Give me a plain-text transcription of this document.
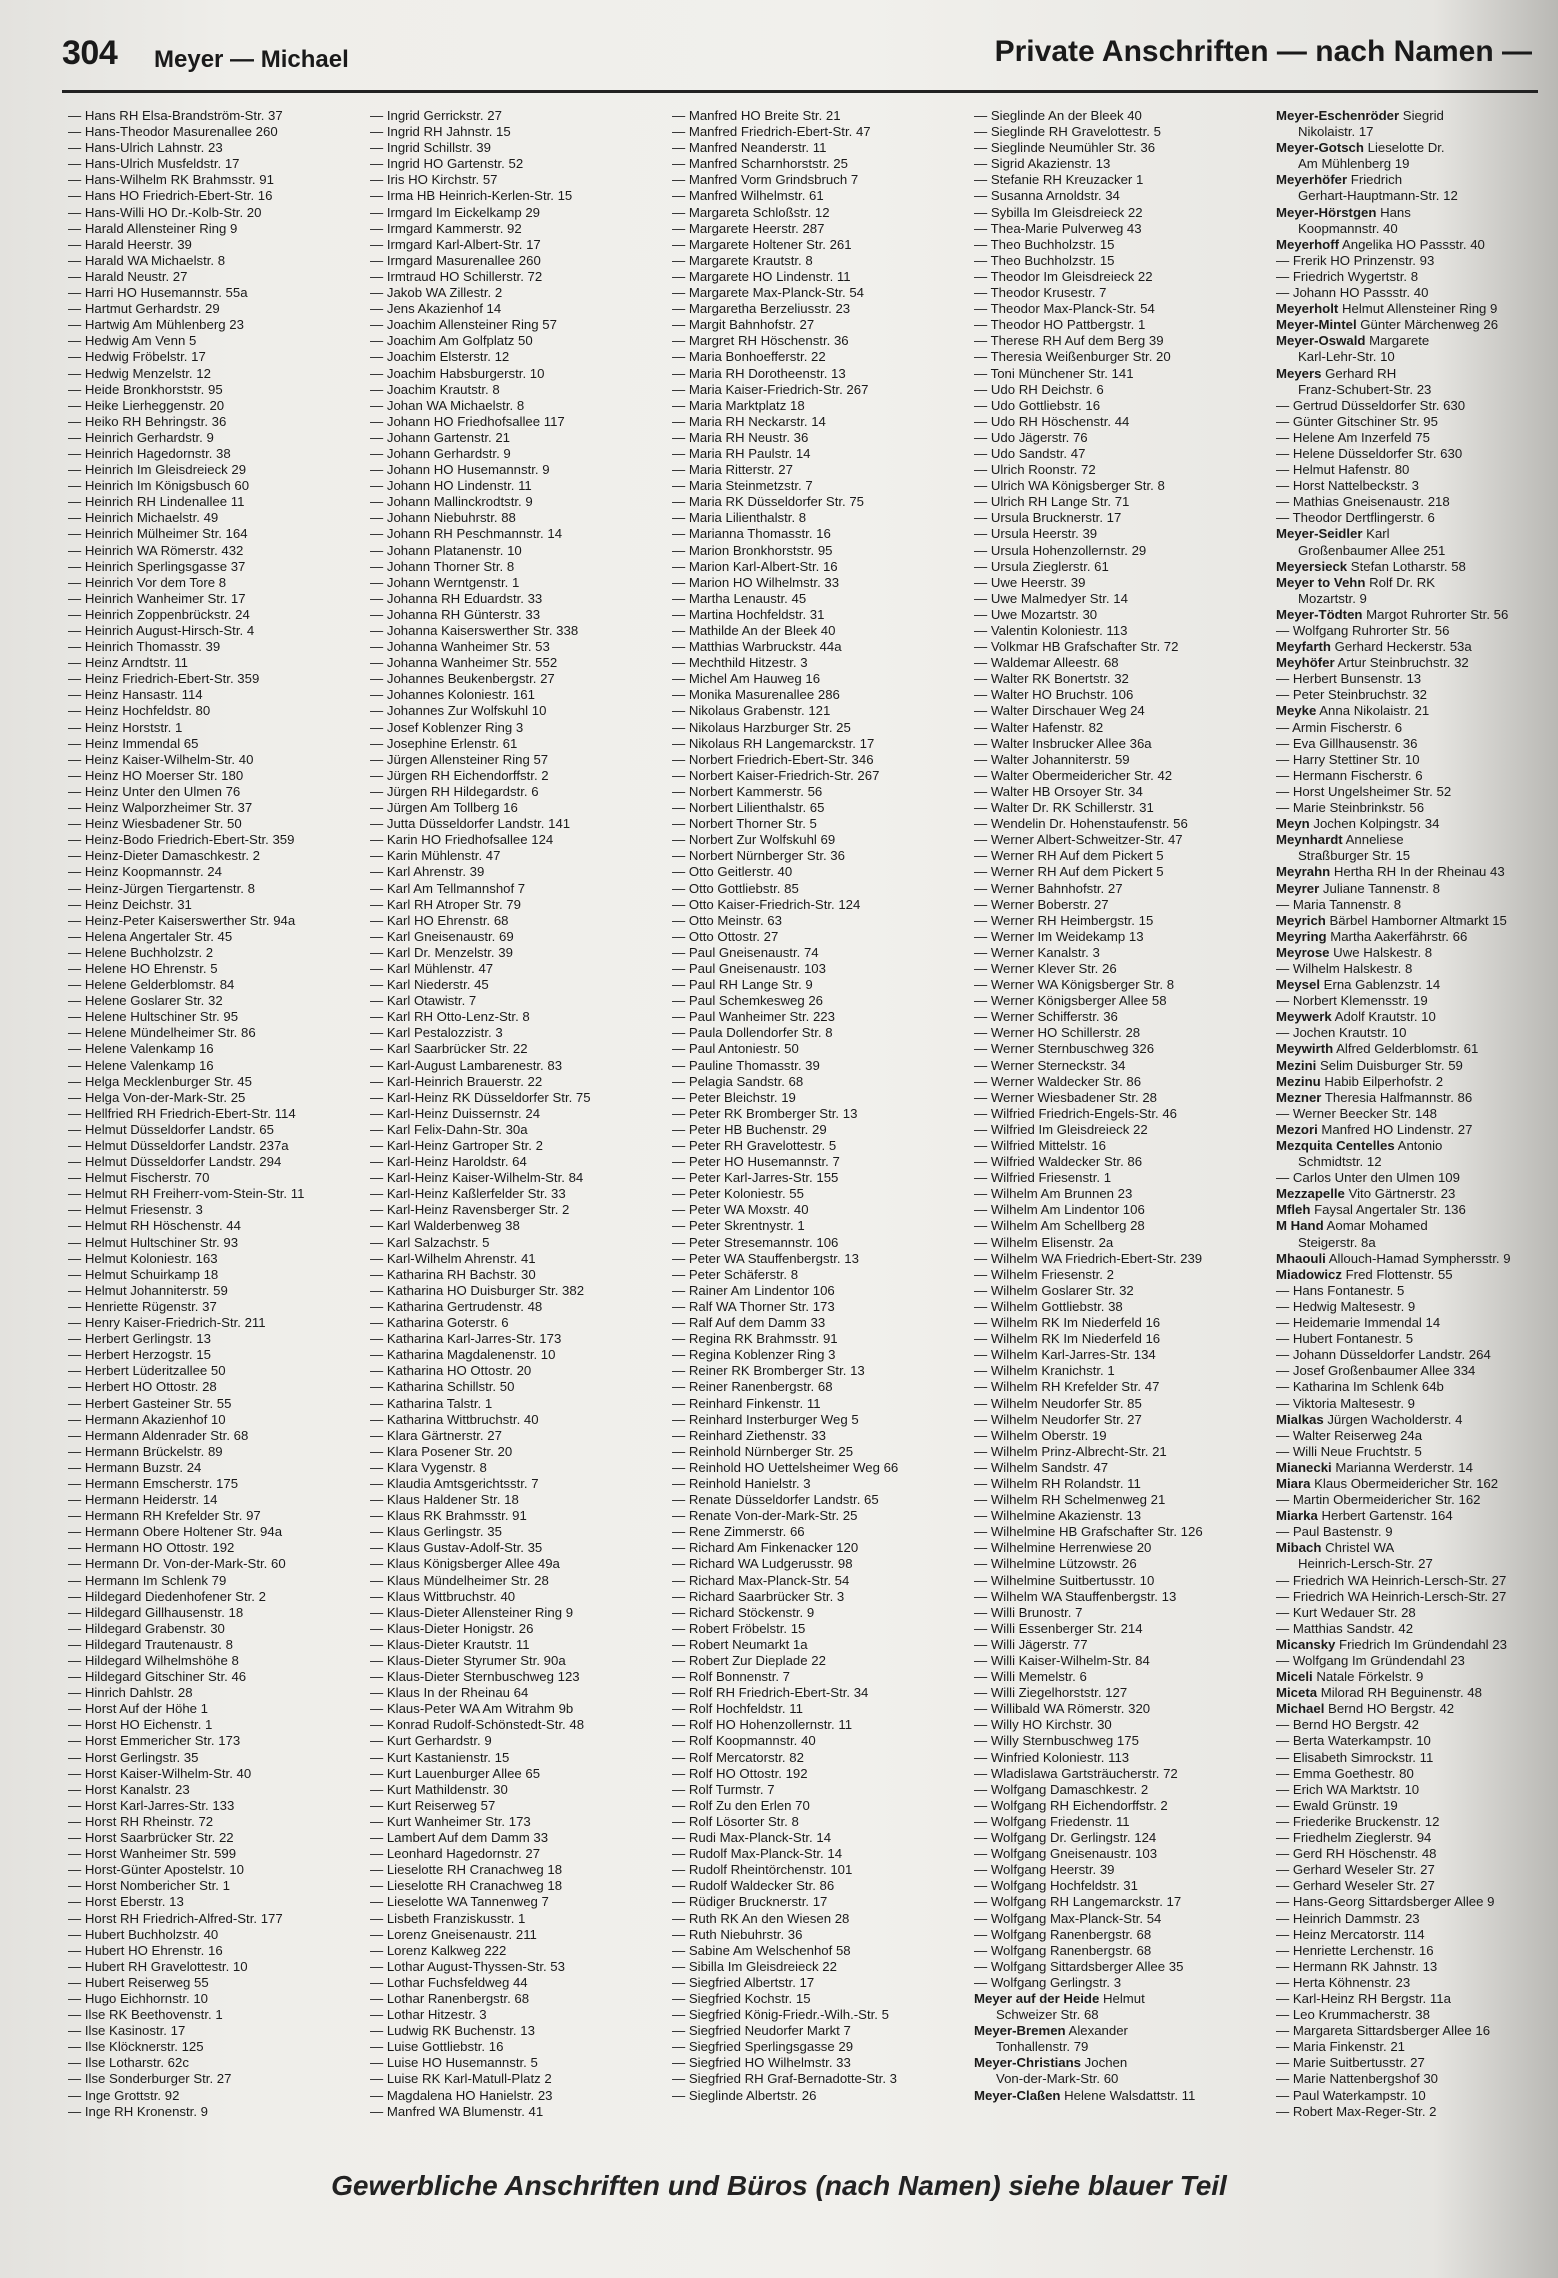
304 Meyer — Michael	Private Anschriften — nach Namen —
— Hans RH Elsa-Brandström-Str. 37
— Hans-Theodor Masurenallee 260
— Hans-Ulrich Lahnstr. 23
— Hans-Ulrich Musfeldstr. 17
— Hans-Wilhelm RK Brahmsstr. 91
— Hans HO Friedrich-Ebert-Str. 16
— Hans-Willi HO Dr.-Kolb-Str. 20
— Harald Allensteiner Ring 9
— Harald Heerstr. 39
— Harald WA Michaelstr. 8
— Harald Neustr. 27
— Harri HO Husemannstr. 55a
— Hartmut Gerhardstr. 29
— Hartwig Am Mühlenberg 23
— Hedwig Am Venn 5
— Hedwig Fröbelstr. 17
— Hedwig Menzelstr. 12
— Heide Bronkhorststr. 95
— Heike Lierheggenstr. 20
— Heiko RH Behringstr. 36
— Heinrich Gerhardstr. 9
— Heinrich Hagedornstr. 38
— Heinrich Im Gleisdreieck 29
— Heinrich Im Königsbusch 60
— Heinrich RH Lindenallee 11
— Heinrich Michaelstr. 49
— Heinrich Mülheimer Str. 164
— Heinrich WA Römerstr. 432
— Heinrich Sperlingsgasse 37
— Heinrich Vor dem Tore 8
— Heinrich Wanheimer Str. 17
— Heinrich Zoppenbrückstr. 24
— Heinrich August-Hirsch-Str. 4
— Heinrich Thomasstr. 39
— Heinz Arndtstr. 11
— Heinz Friedrich-Ebert-Str. 359
— Heinz Hansastr. 114
— Heinz Hochfeldstr. 80
— Heinz Horststr. 1
— Heinz Immendal 65
— Heinz Kaiser-Wilhelm-Str. 40
— Heinz HO Moerser Str. 180
— Heinz Unter den Ulmen 76
— Heinz Walporzheimer Str. 37
— Heinz Wiesbadener Str. 50
— Heinz-Bodo Friedrich-Ebert-Str. 359
— Heinz-Dieter Damaschkestr. 2
— Heinz Koopmannstr. 24
— Heinz-Jürgen Tiergartenstr. 8
— Heinz Deichstr. 31
— Heinz-Peter Kaiserswerther Str. 94a
— Helena Angertaler Str. 45
— Helene Buchholzstr. 2
— Helene HO Ehrenstr. 5
— Helene Gelderblomstr. 84
— Helene Goslarer Str. 32
— Helene Hultschiner Str. 95
— Helene Mündelheimer Str. 86
— Helene Valenkamp 16
— Helene Valenkamp 16
— Helga Mecklenburger Str. 45
— Helga Von-der-Mark-Str. 25
— Hellfried RH Friedrich-Ebert-Str. 114
— Helmut Düsseldorfer Landstr. 65
— Helmut Düsseldorfer Landstr. 237a
— Helmut Düsseldorfer Landstr. 294
— Helmut Fischerstr. 70
— Helmut RH Freiherr-vom-Stein-Str. 11
— Helmut Friesenstr. 3
— Helmut RH Höschenstr. 44
— Helmut Hultschiner Str. 93
— Helmut Koloniestr. 163
— Helmut Schuirkamp 18
— Helmut Johanniterstr. 59
— Henriette Rügenstr. 37
— Henry Kaiser-Friedrich-Str. 211
— Herbert Gerlingstr. 13
— Herbert Herzogstr. 15
— Herbert Lüderitzallee 50
— Herbert HO Ottostr. 28
— Herbert Gasteiner Str. 55
— Hermann Akazienhof 10
— Hermann Aldenrader Str. 68
— Hermann Brückelstr. 89
— Hermann Buzstr. 24
— Hermann Emscherstr. 175
— Hermann Heiderstr. 14
— Hermann RH Krefelder Str. 97
— Hermann Obere Holtener Str. 94a
— Hermann HO Ottostr. 192
— Hermann Dr. Von-der-Mark-Str. 60
— Hermann Im Schlenk 79
— Hildegard Diedenhofener Str. 2
— Hildegard Gillhausenstr. 18
— Hildegard Grabenstr. 30
— Hildegard Trautenaustr. 8
— Hildegard Wilhelmshöhe 8
— Hildegard Gitschiner Str. 46
— Hinrich Dahlstr. 28
— Horst Auf der Höhe 1
— Horst HO Eichenstr. 1
— Horst Emmericher Str. 173
— Horst Gerlingstr. 35
— Horst Kaiser-Wilhelm-Str. 40
— Horst Kanalstr. 23
— Horst Karl-Jarres-Str. 133
— Horst RH Rheinstr. 72
— Horst Saarbrücker Str. 22
— Horst Wanheimer Str. 599
— Horst-Günter Apostelstr. 10
— Horst Nombericher Str. 1
— Horst Eberstr. 13
— Horst RH Friedrich-Alfred-Str. 177
— Hubert Buchholzstr. 40
— Hubert HO Ehrenstr. 16
— Hubert RH Gravelottestr. 10
— Hubert Reiserweg 55
— Hugo Eichhornstr. 10
— Ilse RK Beethovenstr. 1
— Ilse Kasinostr. 17
— Ilse Klöcknerstr. 125
— Ilse Lotharstr. 62c
— Ilse Sonderburger Str. 27
— Inge Grottstr. 92
— Inge RH Kronenstr. 9
— Ingrid Gerrickstr. 27
— Ingrid RH Jahnstr. 15
— Ingrid Schillstr. 39
— Ingrid HO Gartenstr. 52
— Iris HO Kirchstr. 57
— Irma HB Heinrich-Kerlen-Str. 15
— Irmgard Im Eickelkamp 29
— Irmgard Kammerstr. 92
— Irmgard Karl-Albert-Str. 17
— Irmgard Masurenallee 260
— Irmtraud HO Schillerstr. 72
— Jakob WA Zillestr. 2
— Jens Akazienhof 14
— Joachim Allensteiner Ring 57
— Joachim Am Golfplatz 50
— Joachim Elsterstr. 12
— Joachim Habsburgerstr. 10
— Joachim Krautstr. 8
— Johan WA Michaelstr. 8
— Johann HO Friedhofsallee 117
— Johann Gartenstr. 21
— Johann Gerhardstr. 9
— Johann HO Husemannstr. 9
— Johann HO Lindenstr. 11
— Johann Mallinckrodtstr. 9
— Johann Niebuhrstr. 88
— Johann RH Peschmannstr. 14
— Johann Platanenstr. 10
— Johann Thorner Str. 8
— Johann Werntgenstr. 1
— Johanna RH Eduardstr. 33
— Johanna RH Günterstr. 33
— Johanna Kaiserswerther Str. 338
— Johanna Wanheimer Str. 53
— Johanna Wanheimer Str. 552
— Johannes Beukenbergstr. 27
— Johannes Koloniestr. 161
— Johannes Zur Wolfskuhl 10
— Josef Koblenzer Ring 3
— Josephine Erlenstr. 61
— Jürgen Allensteiner Ring 57
— Jürgen RH Eichendorffstr. 2
— Jürgen RH Hildegardstr. 6
— Jürgen Am Tollberg 16
— Jutta Düsseldorfer Landstr. 141
— Karin HO Friedhofsallee 124
— Karin Mühlenstr. 47
— Karl Ahrenstr. 39
— Karl Am Tellmannshof 7
— Karl RH Atroper Str. 79
— Karl HO Ehrenstr. 68
— Karl Gneisenaustr. 69
— Karl Dr. Menzelstr. 39
— Karl Mühlenstr. 47
— Karl Niederstr. 45
— Karl Otawistr. 7
— Karl RH Otto-Lenz-Str. 8
— Karl Pestalozzistr. 3
— Karl Saarbrücker Str. 22
— Karl-August Lambarenestr. 83
— Karl-Heinrich Brauerstr. 22
— Karl-Heinz RK Düsseldorfer Str. 75
— Karl-Heinz Duissernstr. 24
— Karl Felix-Dahn-Str. 30a
— Karl-Heinz Gartroper Str. 2
— Karl-Heinz Haroldstr. 64
— Karl-Heinz Kaiser-Wilhelm-Str. 84
— Karl-Heinz Kaßlerfelder Str. 33
— Karl-Heinz Ravensberger Str. 2
— Karl Walderbenweg 38
— Karl Salzachstr. 5
— Karl-Wilhelm Ahrenstr. 41
— Katharina RH Bachstr. 30
— Katharina HO Duisburger Str. 382
— Katharina Gertrudenstr. 48
— Katharina Goterstr. 6
— Katharina Karl-Jarres-Str. 173
— Katharina Magdalenenstr. 10
— Katharina HO Ottostr. 20
— Katharina Schillstr. 50
— Katharina Talstr. 1
— Katharina Wittbruchstr. 40
— Klara Gärtnerstr. 27
— Klara Posener Str. 20
— Klara Vygenstr. 8
— Klaudia Amtsgerichtsstr. 7
— Klaus Haldener Str. 18
— Klaus RK Brahmsstr. 91
— Klaus Gerlingstr. 35
— Klaus Gustav-Adolf-Str. 35
— Klaus Königsberger Allee 49a
— Klaus Mündelheimer Str. 28
— Klaus Wittbruchstr. 40
— Klaus-Dieter Allensteiner Ring 9
— Klaus-Dieter Honigstr. 26
— Klaus-Dieter Krautstr. 11
— Klaus-Dieter Styrumer Str. 90a
— Klaus-Dieter Sternbuschweg 123
— Klaus In der Rheinau 64
— Klaus-Peter WA Am Witrahm 9b
— Konrad Rudolf-Schönstedt-Str. 48
— Kurt Gerhardstr. 9
— Kurt Kastanienstr. 15
— Kurt Lauenburger Allee 65
— Kurt Mathildenstr. 30
— Kurt Reiserweg 57
— Kurt Wanheimer Str. 173
— Lambert Auf dem Damm 33
— Leonhard Hagedornstr. 27
— Lieselotte RH Cranachweg 18
— Lieselotte RH Cranachweg 18
— Lieselotte WA Tannenweg 7
— Lisbeth Franziskusstr. 1
— Lorenz Gneisenaustr. 211
— Lorenz Kalkweg 222
— Lothar August-Thyssen-Str. 53
— Lothar Fuchsfeldweg 44
— Lothar Ranenbergstr. 68
— Lothar Hitzestr. 3
— Ludwig RK Buchenstr. 13
— Luise Gottliebstr. 16
— Luise HO Husemannstr. 5
— Luise RK Karl-Matull-Platz 2
— Magdalena HO Hanielstr. 23
— Manfred WA Blumenstr. 41
— Manfred HO Breite Str. 21
— Manfred Friedrich-Ebert-Str. 47
— Manfred Neanderstr. 11
— Manfred Scharnhorststr. 25
— Manfred Vorm Grindsbruch 7
— Manfred Wilhelmstr. 61
— Margareta Schloßstr. 12
— Margarete Heerstr. 287
— Margarete Holtener Str. 261
— Margarete Krautstr. 8
— Margarete HO Lindenstr. 11
— Margarete Max-Planck-Str. 54
— Margaretha Berzeliusstr. 23
— Margit Bahnhofstr. 27
— Margret RH Höschenstr. 36
— Maria Bonhoefferstr. 22
— Maria RH Dorotheenstr. 13
— Maria Kaiser-Friedrich-Str. 267
— Maria Marktplatz 18
— Maria RH Neckarstr. 14
— Maria RH Neustr. 36
— Maria RH Paulstr. 14
— Maria Ritterstr. 27
— Maria Steinmetzstr. 7
— Maria RK Düsseldorfer Str. 75
— Maria Lilienthalstr. 8
— Marianna Thomasstr. 16
— Marion Bronkhorststr. 95
— Marion Karl-Albert-Str. 16
— Marion HO Wilhelmstr. 33
— Martha Lenaustr. 45
— Martina Hochfeldstr. 31
— Mathilde An der Bleek 40
— Matthias Warbruckstr. 44a
— Mechthild Hitzestr. 3
— Michel Am Hauweg 16
— Monika Masurenallee 286
— Nikolaus Grabenstr. 121
— Nikolaus Harzburger Str. 25
— Nikolaus RH Langemarckstr. 17
— Norbert Friedrich-Ebert-Str. 346
— Norbert Kaiser-Friedrich-Str. 267
— Norbert Kammerstr. 56
— Norbert Lilienthalstr. 65
— Norbert Thorner Str. 5
— Norbert Zur Wolfskuhl 69
— Norbert Nürnberger Str. 36
— Otto Geitlerstr. 40
— Otto Gottliebstr. 85
— Otto Kaiser-Friedrich-Str. 124
— Otto Meinstr. 63
— Otto Ottostr. 27
— Paul Gneisenaustr. 74
— Paul Gneisenaustr. 103
— Paul RH Lange Str. 9
— Paul Schemkesweg 26
— Paul Wanheimer Str. 223
— Paula Dollendorfer Str. 8
— Paul Antoniestr. 50
— Pauline Thomasstr. 39
— Pelagia Sandstr. 68
— Peter Bleichstr. 19
— Peter RK Bromberger Str. 13
— Peter HB Buchenstr. 29
— Peter RH Gravelottestr. 5
— Peter HO Husemannstr. 7
— Peter Karl-Jarres-Str. 155
— Peter Koloniestr. 55
— Peter WA Moxstr. 40
— Peter Skrentnystr. 1
— Peter Stresemannstr. 106
— Peter WA Stauffenbergstr. 13
— Peter Schäferstr. 8
— Rainer Am Lindentor 106
— Ralf WA Thorner Str. 173
— Ralf Auf dem Damm 33
— Regina RK Brahmsstr. 91
— Regina Koblenzer Ring 3
— Reiner RK Bromberger Str. 13
— Reiner Ranenbergstr. 68
— Reinhard Finkenstr. 11
— Reinhard Insterburger Weg 5
— Reinhard Ziethenstr. 33
— Reinhold Nürnberger Str. 25
— Reinhold HO Uettelsheimer Weg 66
— Reinhold Hanielstr. 3
— Renate Düsseldorfer Landstr. 65
— Renate Von-der-Mark-Str. 25
— Rene Zimmerstr. 66
— Richard Am Finkenacker 120
— Richard WA Ludgerusstr. 98
— Richard Max-Planck-Str. 54
— Richard Saarbrücker Str. 3
— Richard Stöckenstr. 9
— Robert Fröbelstr. 15
— Robert Neumarkt 1a
— Robert Zur Dieplade 22
— Rolf Bonnenstr. 7
— Rolf RH Friedrich-Ebert-Str. 34
— Rolf Hochfeldstr. 11
— Rolf HO Hohenzollernstr. 11
— Rolf Koopmannstr. 40
— Rolf Mercatorstr. 82
— Rolf HO Ottostr. 192
— Rolf Turmstr. 7
— Rolf Zu den Erlen 70
— Rolf Lösorter Str. 8
— Rudi Max-Planck-Str. 14
— Rudolf Max-Planck-Str. 14
— Rudolf Rheintörchenstr. 101
— Rudolf Waldecker Str. 86
— Rüdiger Brucknerstr. 17
— Ruth RK An den Wiesen 28
— Ruth Niebuhrstr. 36
— Sabine Am Welschenhof 58
— Sibilla Im Gleisdreieck 22
— Siegfried Albertstr. 17
— Siegfried Kochstr. 15
— Siegfried König-Friedr.-Wilh.-Str. 5
— Siegfried Neudorfer Markt 7
— Siegfried Sperlingsgasse 29
— Siegfried HO Wilhelmstr. 33
— Siegfried RH Graf-Bernadotte-Str. 3
— Sieglinde Albertstr. 26
— Sieglinde An der Bleek 40
— Sieglinde RH Gravelottestr. 5
— Sieglinde Neumühler Str. 36
— Sigrid Akazienstr. 13
— Stefanie RH Kreuzacker 1
— Susanna Arnoldstr. 34
— Sybilla Im Gleisdreieck 22
— Thea-Marie Pulverweg 43
— Theo Buchholzstr. 15
— Theo Buchholzstr. 15
— Theodor Im Gleisdreieck 22
— Theodor Krusestr. 7
— Theodor Max-Planck-Str. 54
— Theodor HO Pattbergstr. 1
— Therese RH Auf dem Berg 39
— Theresia Weißenburger Str. 20
— Toni Münchener Str. 141
— Udo RH Deichstr. 6
— Udo Gottliebstr. 16
— Udo RH Höschenstr. 44
— Udo Jägerstr. 76
— Udo Sandstr. 47
— Ulrich Roonstr. 72
— Ulrich WA Königsberger Str. 8
— Ulrich RH Lange Str. 71
— Ursula Brucknerstr. 17
— Ursula Heerstr. 39
— Ursula Hohenzollernstr. 29
— Ursula Zieglerstr. 61
— Uwe Heerstr. 39
— Uwe Malmedyer Str. 14
— Uwe Mozartstr. 30
— Valentin Koloniestr. 113
— Volkmar HB Grafschafter Str. 72
— Waldemar Alleestr. 68
— Walter RK Bonertstr. 32
— Walter HO Bruchstr. 106
— Walter Dirschauer Weg 24
— Walter Hafenstr. 82
— Walter Insbrucker Allee 36a
— Walter Johanniterstr. 59
— Walter Obermeidericher Str. 42
— Walter HB Orsoyer Str. 34
— Walter Dr. RK Schillerstr. 31
— Wendelin Dr. Hohenstaufenstr. 56
— Werner Albert-Schweitzer-Str. 47
— Werner RH Auf dem Pickert 5
— Werner RH Auf dem Pickert 5
— Werner Bahnhofstr. 27
— Werner Boberstr. 27
— Werner RH Heimbergstr. 15
— Werner Im Weidekamp 13
— Werner Kanalstr. 3
— Werner Klever Str. 26
— Werner WA Königsberger Str. 8
— Werner Königsberger Allee 58
— Werner Schifferstr. 36
— Werner HO Schillerstr. 28
— Werner Sternbuschweg 326
— Werner Sterneckstr. 34
— Werner Waldecker Str. 86
— Werner Wiesbadener Str. 28
— Wilfried Friedrich-Engels-Str. 46
— Wilfried Im Gleisdreieck 22
— Wilfried Mittelstr. 16
— Wilfried Waldecker Str. 86
— Wilfried Friesenstr. 1
— Wilhelm Am Brunnen 23
— Wilhelm Am Lindentor 106
— Wilhelm Am Schellberg 28
— Wilhelm Elisenstr. 2a
— Wilhelm WA Friedrich-Ebert-Str. 239
— Wilhelm Friesenstr. 2
— Wilhelm Goslarer Str. 32
— Wilhelm Gottliebstr. 38
— Wilhelm RK Im Niederfeld 16
— Wilhelm RK Im Niederfeld 16
— Wilhelm Karl-Jarres-Str. 134
— Wilhelm Kranichstr. 1
— Wilhelm RH Krefelder Str. 47
— Wilhelm Neudorfer Str. 85
— Wilhelm Neudorfer Str. 27
— Wilhelm Oberstr. 19
— Wilhelm Prinz-Albrecht-Str. 21
— Wilhelm Sandstr. 47
— Wilhelm RH Rolandstr. 11
— Wilhelm RH Schelmenweg 21
— Wilhelmine Akazienstr. 13
— Wilhelmine HB Grafschafter Str. 126
— Wilhelmine Herrenwiese 20
— Wilhelmine Lützowstr. 26
— Wilhelmine Suitbertusstr. 10
— Wilhelm WA Stauffenbergstr. 13
— Willi Brunostr. 7
— Willi Essenberger Str. 214
— Willi Jägerstr. 77
— Willi Kaiser-Wilhelm-Str. 84
— Willi Memelstr. 6
— Willi Ziegelhorststr. 127
— Willibald WA Römerstr. 320
— Willy HO Kirchstr. 30
— Willy Sternbuschweg 175
— Winfried Koloniestr. 113
— Wladislawa Gartsträucherstr. 72
— Wolfgang Damaschkestr. 2
— Wolfgang RH Eichendorffstr. 2
— Wolfgang Friedenstr. 11
— Wolfgang Dr. Gerlingstr. 124
— Wolfgang Gneisenaustr. 103
— Wolfgang Heerstr. 39
— Wolfgang Hochfeldstr. 31
— Wolfgang RH Langemarckstr. 17
— Wolfgang Max-Planck-Str. 54
— Wolfgang Ranenbergstr. 68
— Wolfgang Ranenbergstr. 68
— Wolfgang Sittardsberger Allee 35
— Wolfgang Gerlingstr. 3
Meyer auf der Heide Helmut
Schweizer Str. 68
Meyer-Bremen Alexander
Tonhallenstr. 79
Meyer-Christians Jochen
Von-der-Mark-Str. 60
Meyer-Claßen Helene Walsdattstr. 11
Meyer-Eschenröder Siegrid
Nikolaistr. 17
Meyer-Gotsch Lieselotte Dr.
Am Mühlenberg 19
Meyerhöfer Friedrich
Gerhart-Hauptmann-Str. 12
Meyer-Hörstgen Hans
Koopmannstr. 40
Meyerhoff Angelika HO Passstr. 40
— Frerik HO Prinzenstr. 93
— Friedrich Wygertstr. 8
— Johann HO Passstr. 40
Meyerholt Helmut Allensteiner Ring 9
Meyer-Mintel Günter Märchenweg 26
Meyer-Oswald Margarete
Karl-Lehr-Str. 10
Meyers Gerhard RH
Franz-Schubert-Str. 23
— Gertrud Düsseldorfer Str. 630
— Günter Gitschiner Str. 95
— Helene Am Inzerfeld 75
— Helene Düsseldorfer Str. 630
— Helmut Hafenstr. 80
— Horst Nattelbeckstr. 3
— Mathias Gneisenaustr. 218
— Theodor Dertflingerstr. 6
Meyer-Seidler Karl
Großenbaumer Allee 251
Meyersieck Stefan Lotharstr. 58
Meyer to Vehn Rolf Dr. RK
Mozartstr. 9
Meyer-Tödten Margot Ruhrorter Str. 56
— Wolfgang Ruhrorter Str. 56
Meyfarth Gerhard Heckerstr. 53a
Meyhöfer Artur Steinbruchstr. 32
— Herbert Bunsenstr. 13
— Peter Steinbruchstr. 32
Meyke Anna Nikolaistr. 21
— Armin Fischerstr. 6
— Eva Gillhausenstr. 36
— Harry Stettiner Str. 10
— Hermann Fischerstr. 6
— Horst Ungelsheimer Str. 52
— Marie Steinbrinkstr. 56
Meyn Jochen Kolpingstr. 34
Meynhardt Anneliese
Straßburger Str. 15
Meyrahn Hertha RH In der Rheinau 43
Meyrer Juliane Tannenstr. 8
— Maria Tannenstr. 8
Meyrich Bärbel Hamborner Altmarkt 15
Meyring Martha Aakerfährstr. 66
Meyrose Uwe Halskestr. 8
— Wilhelm Halskestr. 8
Meysel Erna Gablenzstr. 14
— Norbert Klemensstr. 19
Meywerk Adolf Krautstr. 10
— Jochen Krautstr. 10
Meywirth Alfred Gelderblomstr. 61
Mezini Selim Duisburger Str. 59
Mezinu Habib Eilperhofstr. 2
Mezner Theresia Halfmannstr. 86
— Werner Beecker Str. 148
Mezori Manfred HO Lindenstr. 27
Mezquita Centelles Antonio
Schmidtstr. 12
— Carlos Unter den Ulmen 109
Mezzapelle Vito Gärtnerstr. 23
Mfleh Faysal Angertaler Str. 136
M Hand Aomar Mohamed
Steigerstr. 8a
Mhaouli Allouch-Hamad Symphersstr. 9
Miadowicz Fred Flottenstr. 55
— Hans Fontanestr. 5
— Hedwig Maltesestr. 9
— Heidemarie Immendal 14
— Hubert Fontanestr. 5
— Johann Düsseldorfer Landstr. 264
— Josef Großenbaumer Allee 334
— Katharina Im Schlenk 64b
— Viktoria Maltesestr. 9
Mialkas Jürgen Wacholderstr. 4
— Walter Reiserweg 24a
— Willi Neue Fruchtstr. 5
Mianecki Marianna Werderstr. 14
Miara Klaus Obermeidericher Str. 162
— Martin Obermeidericher Str. 162
Miarka Herbert Gartenstr. 164
— Paul Bastenstr. 9
Mibach Christel WA
Heinrich-Lersch-Str. 27
— Friedrich WA Heinrich-Lersch-Str. 27
— Friedrich WA Heinrich-Lersch-Str. 27
— Kurt Wedauer Str. 28
— Matthias Sandstr. 42
Micansky Friedrich Im Gründendahl 23
— Wolfgang Im Gründendahl 23
Miceli Natale Förkelstr. 9
Miceta Milorad RH Beguinenstr. 48
Michael Bernd HO Bergstr. 42
— Bernd HO Bergstr. 42
— Berta Waterkampstr. 10
— Elisabeth Simrockstr. 11
— Emma Goethestr. 80
— Erich WA Marktstr. 10
— Ewald Grünstr. 19
— Friederike Bruckenstr. 12
— Friedhelm Zieglerstr. 94
— Gerd RH Höschenstr. 48
— Gerhard Weseler Str. 27
— Gerhard Weseler Str. 27
— Hans-Georg Sittardsberger Allee 9
— Heinrich Dammstr. 23
— Heinz Mercatorstr. 114
— Henriette Lerchenstr. 16
— Hermann RK Jahnstr. 13
— Herta Köhnenstr. 23
— Karl-Heinz RH Bergstr. 11a
— Leo Krummacherstr. 38
— Margareta Sittardsberger Allee 16
— Maria Finkenstr. 21
— Marie Suitbertusstr. 27
— Marie Nattenbergshof 30
— Paul Waterkampstr. 10
— Robert Max-Reger-Str. 2
Gewerbliche Anschriften und Büros (nach Namen) siehe blauer Teil
